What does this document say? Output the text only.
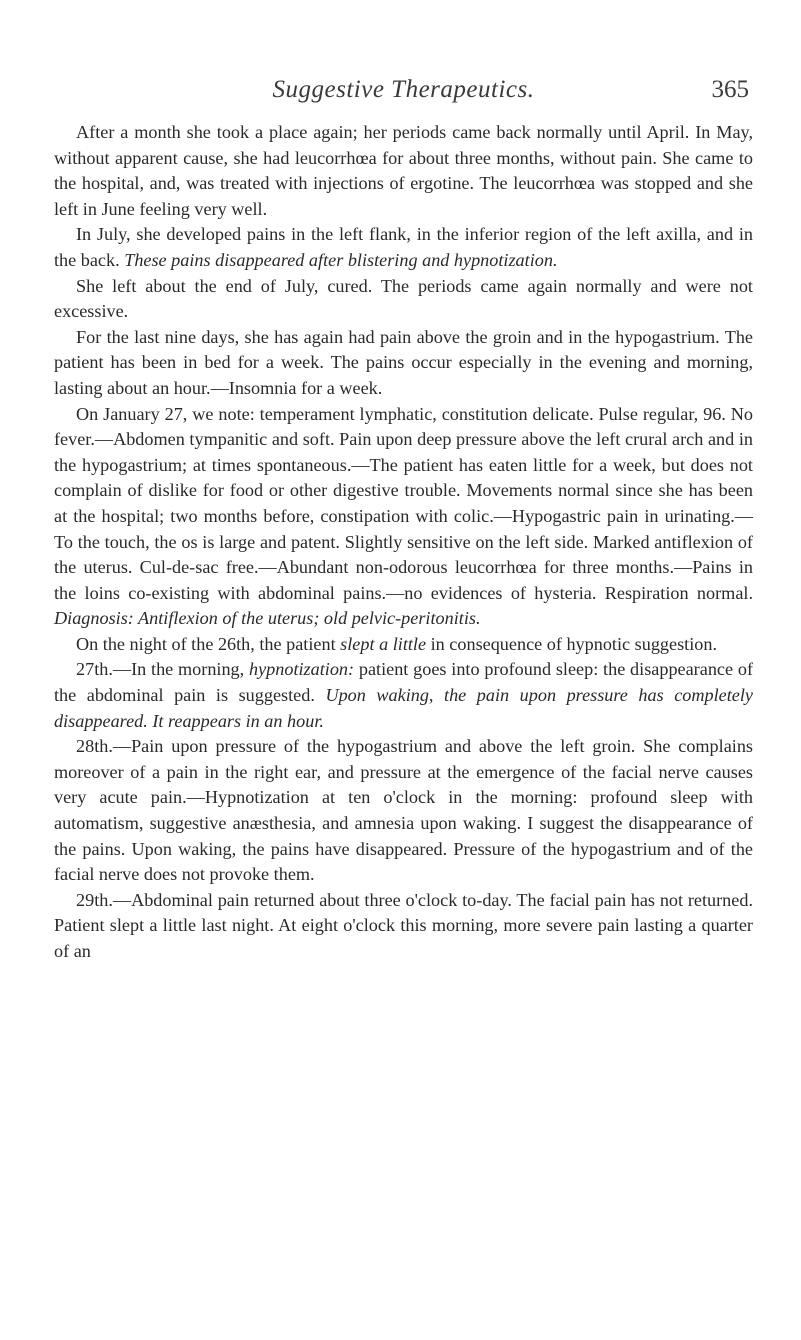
Suggestive Therapeutics.	365

After a month she took a place again; her periods came back normally until April. In May, without apparent cause, she had leucorrhœa for about three months, without pain. She came to the hospital, and, was treated with injections of ergotine. The leucorrhœa was stopped and she left in June feeling very well.

In July, she developed pains in the left flank, in the inferior region of the left axilla, and in the back. These pains disappeared after blistering and hypnotization.

She left about the end of July, cured. The periods came again normally and were not excessive.

For the last nine days, she has again had pain above the groin and in the hypogastrium. The patient has been in bed for a week. The pains occur especially in the evening and morning, lasting about an hour.—Insomnia for a week.

On January 27, we note: temperament lymphatic, constitution delicate. Pulse regular, 96. No fever.—Abdomen tympanitic and soft. Pain upon deep pressure above the left crural arch and in the hypogastrium; at times spontaneous.—The patient has eaten little for a week, but does not complain of dislike for food or other digestive trouble. Movements normal since she has been at the hospital; two months before, constipation with colic.—Hypogastric pain in urinating.—To the touch, the os is large and patent. Slightly sensitive on the left side. Marked antiflexion of the uterus. Cul-de-sac free.—Abundant non-odorous leucorrhœa for three months.—Pains in the loins co-existing with abdominal pains.—no evidences of hysteria. Respiration normal. Diagnosis: Antiflexion of the uterus; old pelvic-peritonitis.

On the night of the 26th, the patient slept a little in consequence of hypnotic suggestion.

27th.—In the morning, hypnotization: patient goes into profound sleep: the disappearance of the abdominal pain is suggested. Upon waking, the pain upon pressure has completely disappeared. It reappears in an hour.

28th.—Pain upon pressure of the hypogastrium and above the left groin. She complains moreover of a pain in the right ear, and pressure at the emergence of the facial nerve causes very acute pain.—Hypnotization at ten o'clock in the morning: profound sleep with automatism, suggestive anæsthesia, and amnesia upon waking. I suggest the disappearance of the pains. Upon waking, the pains have disappeared. Pressure of the hypogastrium and of the facial nerve does not provoke them.

29th.—Abdominal pain returned about three o'clock to-day. The facial pain has not returned. Patient slept a little last night. At eight o'clock this morning, more severe pain lasting a quarter of an
